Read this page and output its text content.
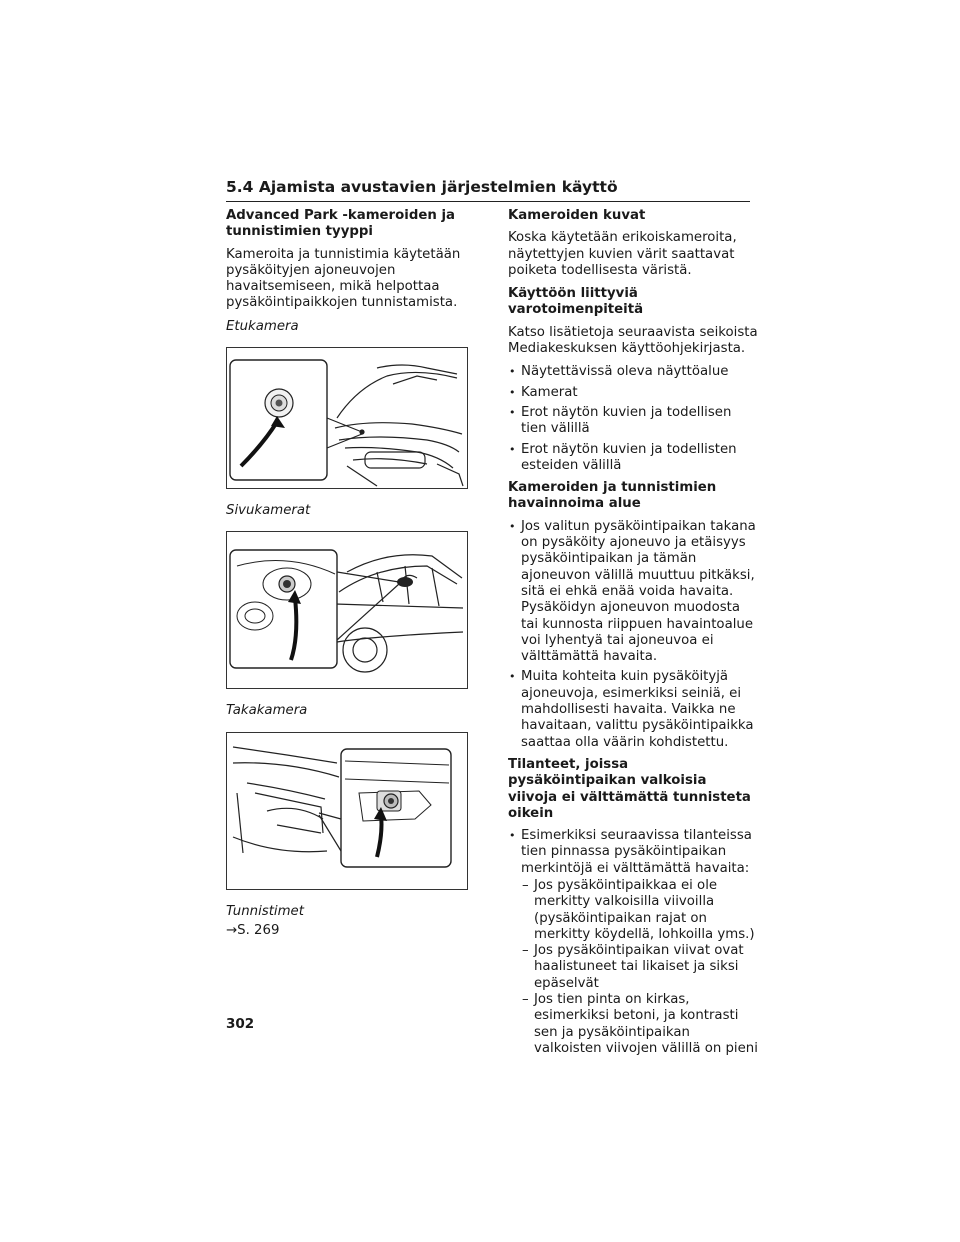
5.4 Ajamista avustavien järjestelmien käyttö
Advanced Park -kameroiden ja tunnistimien tyyppi

Kameroita ja tunnistimia käytetään pysäköityjen ajoneuvojen havaitsemiseen, mikä helpottaa pysäköintipaikkojen tunnistamista.

Etukamera
Sivukamerat
Takakamera
Tunnistimet
→S. 269
Kameroiden kuvat

Koska käytetään erikoiskameroita, näytettyjen kuvien värit saattavat poiketa todellisesta väristä.

Käyttöön liittyviä varotoimenpiteitä

Katso lisätietoja seuraavista seikoista Mediakeskuksen käyttöohjekirjasta.

• Näytettävissä oleva näyttöalue
• Kamerat
• Erot näytön kuvien ja todellisen tien välillä
• Erot näytön kuvien ja todellisten esteiden välillä
Kameroiden ja tunnistimien havainnoima alue
• Jos valitun pysäköintipaikan takana on pysäköity ajoneuvo ja etäisyys pysäköintipaikan ja tämän ajoneuvon välillä muuttuu pitkäksi, sitä ei ehkä enää voida havaita. Pysäköidyn ajoneuvon muodosta tai kunnosta riippuen havaintoalue voi lyhentyä tai ajoneuvoa ei välttämättä havaita.
• Muita kohteita kuin pysäköityjä ajoneuvoja, esimerkiksi seiniä, ei mahdollisesti havaita. Vaikka ne havaitaan, valittu pysäköintipaikka saattaa olla väärin kohdistettu.
Tilanteet, joissa pysäköintipaikan valkoisia viivoja ei välttämättä tunnisteta oikein
• Esimerkiksi seuraavissa tilanteissa tien pinnassa pysäköintipaikan merkintöjä ei välttämättä havaita:
– Jos pysäköintipaikkaa ei ole merkitty valkoisilla viivoilla (pysäköintipaikan rajat on merkitty köydellä, lohkoilla yms.)
– Jos pysäköintipaikan viivat ovat haalistuneet tai likaiset ja siksi epäselvät
– Jos tien pinta on kirkas, esimerkiksi betoni, ja kontrasti sen ja pysäköintipaikan valkoisten viivojen välillä on pieni
302
